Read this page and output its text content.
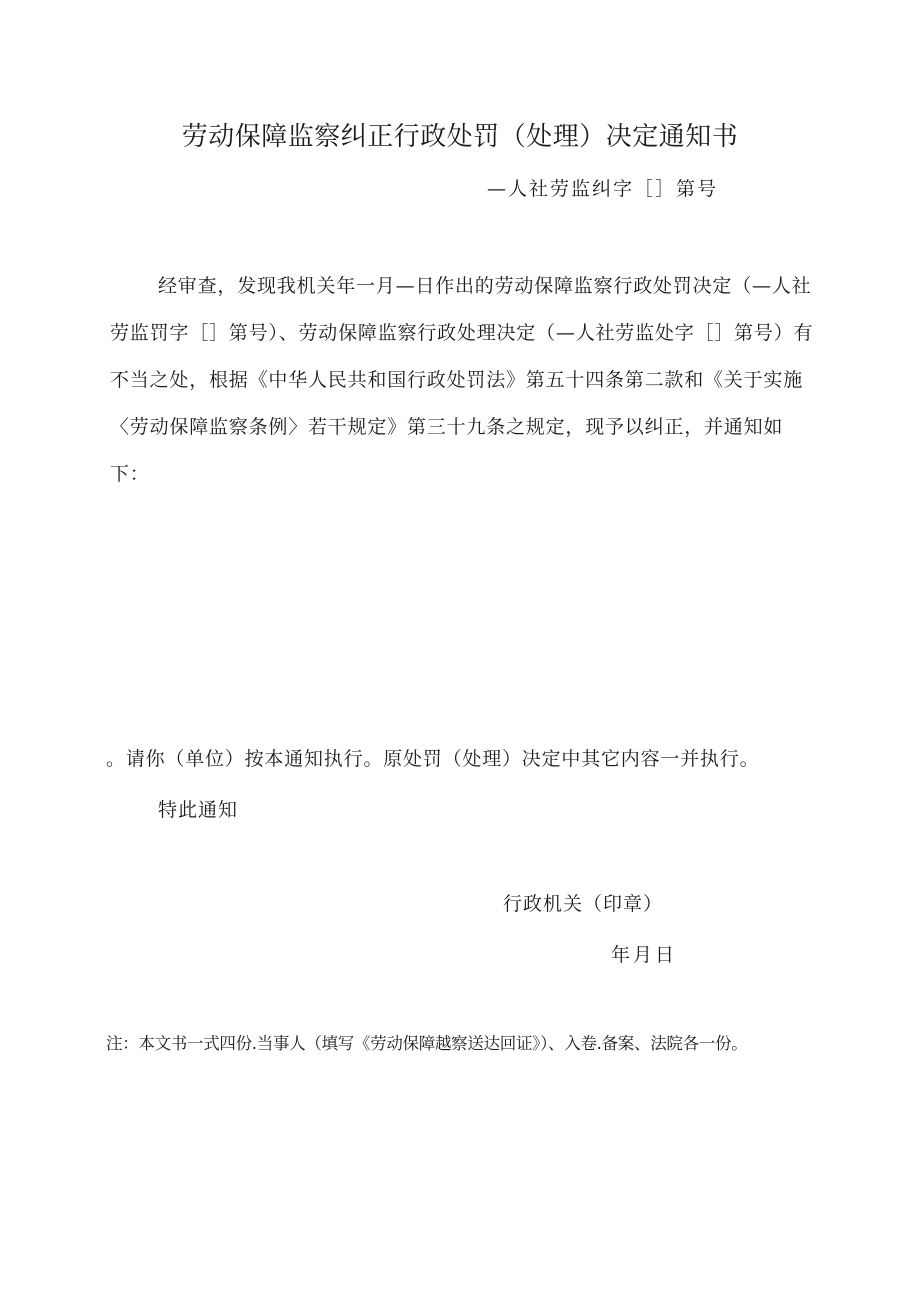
劳动保障监察纠正行政处罚（处理）决定通知书
—人社劳监纠字［］第号
经审查，发现我机关年一月—日作出的劳动保障监察行政处罚决定（—人社劳监罚字［］第号）、劳动保障监察行政处理决定（—人社劳监处字［］第号）有不当之处，根据《中华人民共和国行政处罚法》第五十四条第二款和《关于实施〈劳动保障监察条例〉若干规定》第三十九条之规定，现予以纠正，并通知如下：
。请你（单位）按本通知执行。原处罚（处理）决定中其它内容一并执行。
特此通知
行政机关（印章）
年月日
注：本文书一式四份.当事人（填写《劳动保障越察送达回证》）、入卷.备案、法院各一份。
